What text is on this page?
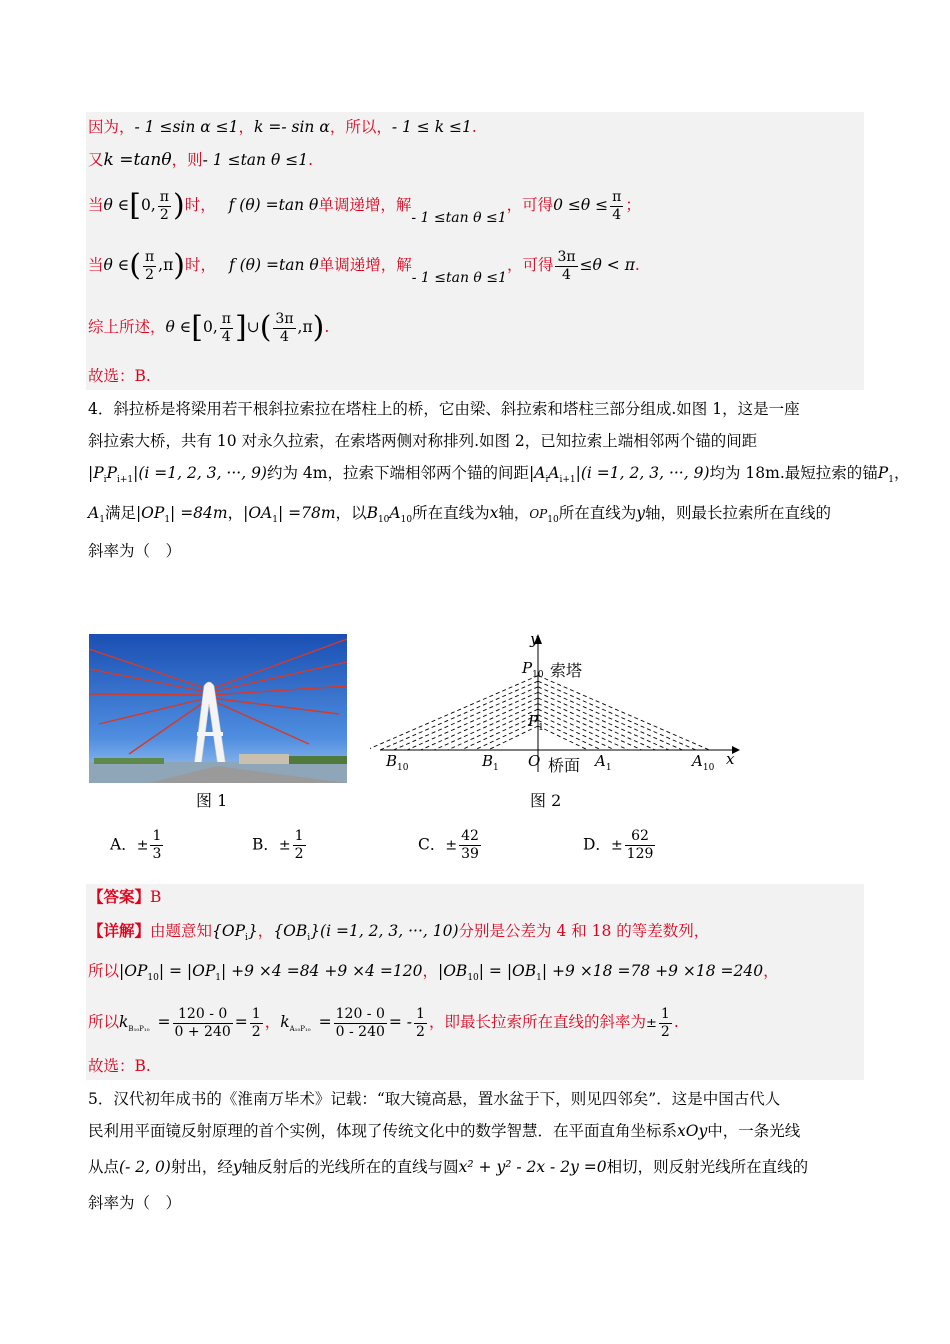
因为，- 1 ≤sin α ≤1，k =- sin α，所以，- 1 ≤ k ≤1.
又k =tanθ，则- 1 ≤tan θ ≤1.
当θ ∈[0, $\frac{\pi}{2}$ )时， f (θ) =tan θ单调递增，解- 1 ≤tan θ ≤1，可得$0 \le\theta \le \frac{\pi}{4}$ ；
当θ ∈( $\frac{\pi}{2} ,\pi$)时， f (θ) =tan θ单调递增，解- 1 ≤tan θ ≤1，可得 $\frac{3\pi}{4} \le\theta < \pi$.
综上所述，θ ∈[0, $\frac{\pi}{4}$ ]∪( $\frac{3\pi}{4} ,\pi$).
故选：B.
4．斜拉桥是将梁用若干根斜拉索拉在塔柱上的桥，它由梁、斜拉索和塔柱三部分组成.如图 1，这是一座
斜拉索大桥，共有 10 对永久拉索，在索塔两侧对称排列.如图 2，已知拉索上端相邻两个锚的间距
$|P_iP_{i+1}|(i =1$, 2, 3, ···, 9)约为 4m，拉索下端相邻两个锚的间距$|A_iA_{i+1}|(i =1$, 2, 3, ···, 9)均为 18m.最短拉索的锚$P_1$，
$A_1$满足$|OP_1| =84m$，$|OA_1| =78m$，以$B_{10}A_{10}$所在直线为x轴，$OP_{10}$所在直线为y轴，则最长拉索所在直线的
斜率为（　）
图 1
y
x
$P_{10}$ 索塔
$P_1$
$B_{10}$	$B_1$ O 桥面 $A_1$	$A_{10}$
图 2
A．± $\frac{1}{3}$	B．± $\frac{1}{2}$	C．± $\frac{42}{39}$	D．± $\frac{62}{129}$
【答案】B
【详解】由题意知$\{OP_i\}$，$\{OB_i\}(i =1$, 2, 3, ···, 10)分别是公差为 4 和 18 的等差数列，
所以$|OP_{10}| = |OP_1| +9 \times 4 =84 +9 \times 4 =120$，$|OB_{10}| = |OB_1| +9 \times 18 =78 +9 \times 18 =240$，
所以$k_{B_{10}P_{10}} = \frac{120 - 0}{0 + 240} = \frac{1}{2}$ ，$k_{A_{10}P_{10}} = \frac{120 - 0}{0 - 240}$ = - $\frac{1}{2}$ ，即最长拉索所在直线的斜率为± $\frac{1}{2}$ .
故选：B.
5．汉代初年成书的《淮南万毕术》记载：“取大镜高悬，置水盆于下，则见四邻矣”．这是中国古代人
民利用平面镜反射原理的首个实例，体现了传统文化中的数学智慧．在平面直角坐标系xOy中，一条光线
从点(- 2, 0)射出，经y轴反射后的光线所在的直线与圆x² + y² - 2x - 2y =0相切，则反射光线所在直线的
斜率为（　）
